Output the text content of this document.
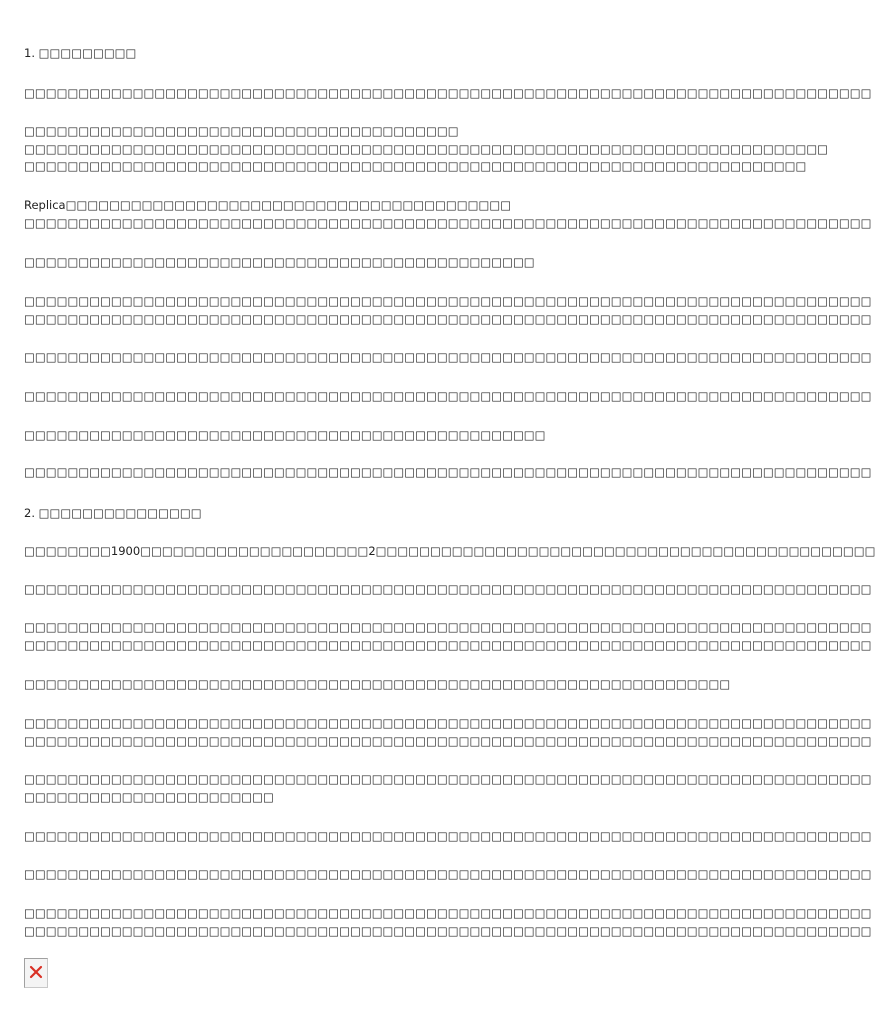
1. □□□□□□□□□
□□□□□□□□□□□□□□□□□□□□□□□□□□□□□□□□□□□□□□□□□□□□□□□□□□□□□□□□□□□□□□□□□□□□□□□□□□□□□□
□□□□□□□□□□□□□□□□□□□□□□□□□□□□□□□□□□□□□□□□
□□□□□□□□□□□□□□□□□□□□□□□□□□□□□□□□□□□□□□□□□□□□□□□□□□□□□□□□□□□□□□□□□□□□□□□□□□
□□□□□□□□□□□□□□□□□□□□□□□□□□□□□□□□□□□□□□□□□□□□□□□□□□□□□□□□□□□□□□□□□□□□□□□□
Replica□□□□□□□□□□□□□□□□□□□□□□□□□□□□□□□□□□□□□□□□□
□□□□□□□□□□□□□□□□□□□□□□□□□□□□□□□□□□□□□□□□□□□□□□□□□□□□□□□□□□□□□□□□□□□□□□□□□□□□□□
□□□□□□□□□□□□□□□□□□□□□□□□□□□□□□□□□□□□□□□□□□□□□□□
□□□□□□□□□□□□□□□□□□□□□□□□□□□□□□□□□□□□□□□□□□□□□□□□□□□□□□□□□□□□□□□□□□□□□□□□□□□□□□
□□□□□□□□□□□□□□□□□□□□□□□□□□□□□□□□□□□□□□□□□□□□□□□□□□□□□□□□□□□□□□□□□□□□□□□□□□□□□□
□□□□□□□□□□□□□□□□□□□□□□□□□□□□□□□□□□□□□□□□□□□□□□□□□□□□□□□□□□□□□□□□□□□□□□□□□□□□□□
□□□□□□□□□□□□□□□□□□□□□□□□□□□□□□□□□□□□□□□□□□□□□□□□□□□□□□□□□□□□□□□□□□□□□□□□□□□□□□
□□□□□□□□□□□□□□□□□□□□□□□□□□□□□□□□□□□□□□□□□□□□□□□□
□□□□□□□□□□□□□□□□□□□□□□□□□□□□□□□□□□□□□□□□□□□□□□□□□□□□□□□□□□□□□□□□□□□□□□□□□□□□□□
2. □□□□□□□□□□□□□□□
□□□□□□□□1900□□□□□□□□□□□□□□□□□□□□□2□□□□□□□□□□□□□□□□□□□□□□□□□□□□□□□□□□□□□□□□□□□□□□
□□□□□□□□□□□□□□□□□□□□□□□□□□□□□□□□□□□□□□□□□□□□□□□□□□□□□□□□□□□□□□□□□□□□□□□□□□□□□□
□□□□□□□□□□□□□□□□□□□□□□□□□□□□□□□□□□□□□□□□□□□□□□□□□□□□□□□□□□□□□□□□□□□□□□□□□□□□□□
□□□□□□□□□□□□□□□□□□□□□□□□□□□□□□□□□□□□□□□□□□□□□□□□□□□□□□□□□□□□□□□□□□□□□□□□□□□□□□
□□□□□□□□□□□□□□□□□□□□□□□□□□□□□□□□□□□□□□□□□□□□□□□□□□□□□□□□□□□□□□□□□
□□□□□□□□□□□□□□□□□□□□□□□□□□□□□□□□□□□□□□□□□□□□□□□□□□□□□□□□□□□□□□□□□□□□□□□□□□□□□□
□□□□□□□□□□□□□□□□□□□□□□□□□□□□□□□□□□□□□□□□□□□□□□□□□□□□□□□□□□□□□□□□□□□□□□□□□□□□□□
□□□□□□□□□□□□□□□□□□□□□□□□□□□□□□□□□□□□□□□□□□□□□□□□□□□□□□□□□□□□□□□□□□□□□□□□□□□□□□
□□□□□□□□□□□□□□□□□□□□□□□
□□□□□□□□□□□□□□□□□□□□□□□□□□□□□□□□□□□□□□□□□□□□□□□□□□□□□□□□□□□□□□□□□□□□□□□□□□□□□□
□□□□□□□□□□□□□□□□□□□□□□□□□□□□□□□□□□□□□□□□□□□□□□□□□□□□□□□□□□□□□□□□□□□□□□□□□□□□□□
□□□□□□□□□□□□□□□□□□□□□□□□□□□□□□□□□□□□□□□□□□□□□□□□□□□□□□□□□□□□□□□□□□□□□□□□□□□□□□
□□□□□□□□□□□□□□□□□□□□□□□□□□□□□□□□□□□□□□□□□□□□□□□□□□□□□□□□□□□□□□□□□□□□□□□□□□□□□□
